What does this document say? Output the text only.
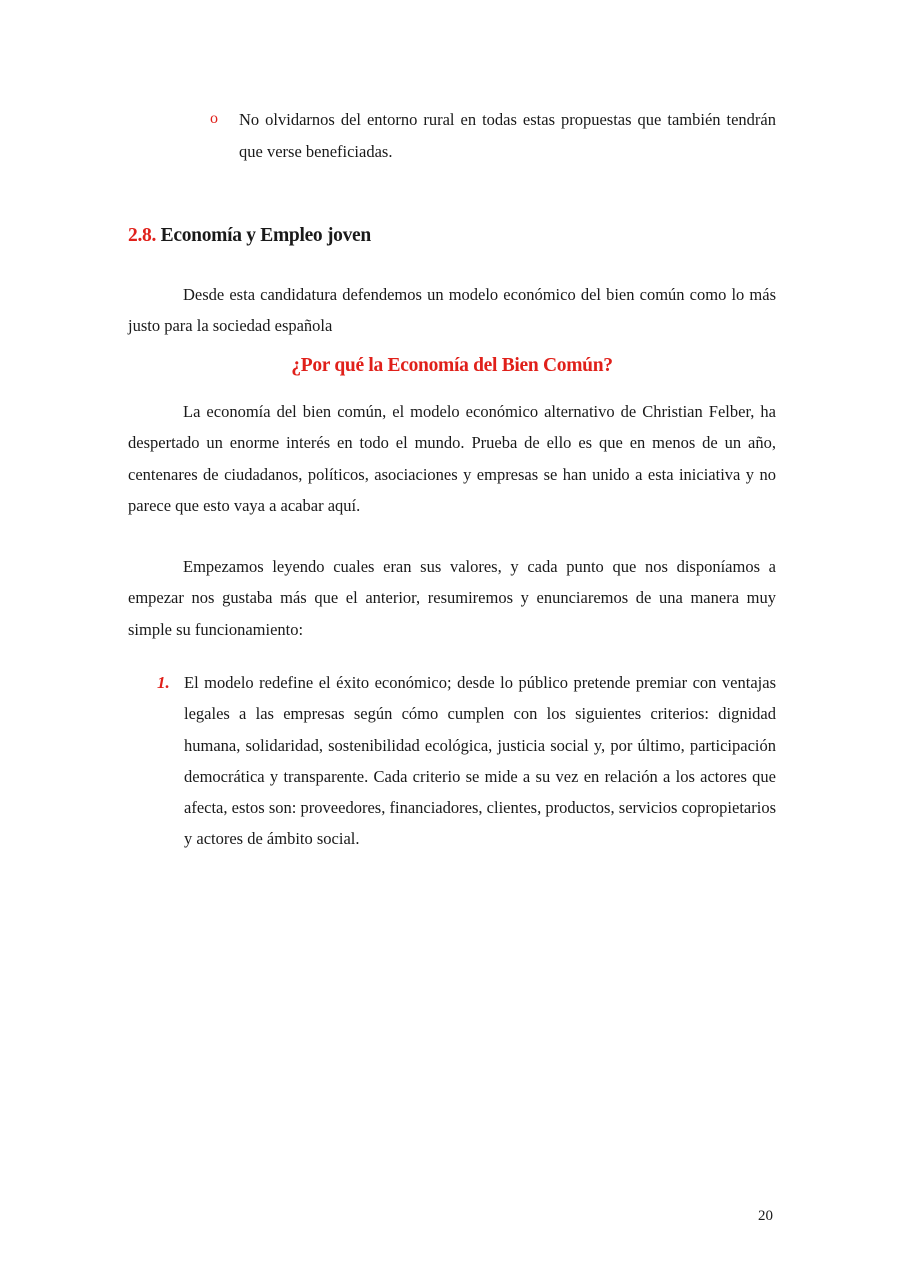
o No olvidarnos del entorno rural en todas estas propuestas que también tendrán que verse beneficiadas.
2.8. Economía y Empleo joven

Desde esta candidatura defendemos un modelo económico del bien común como lo más justo para la sociedad española

¿Por qué la Economía del Bien Común?

La economía del bien común, el modelo económico alternativo de Christian Felber, ha despertado un enorme interés en todo el mundo. Prueba de ello es que en menos de un año, centenares de ciudadanos, políticos, asociaciones y empresas se han unido a esta iniciativa y no parece que esto vaya a acabar aquí.

Empezamos leyendo cuales eran sus valores, y cada punto que nos disponíamos a empezar nos gustaba más que el anterior, resumiremos y enunciaremos de una manera muy simple su funcionamiento:

1. El modelo redefine el éxito económico; desde lo público pretende premiar con ventajas legales a las empresas según cómo cumplen con los siguientes criterios: dignidad humana, solidaridad, sostenibilidad ecológica, justicia social y, por último, participación democrática y transparente. Cada criterio se mide a su vez en relación a los actores que afecta, estos son: proveedores, financiadores, clientes, productos, servicios copropietarios y actores de ámbito social.
20
